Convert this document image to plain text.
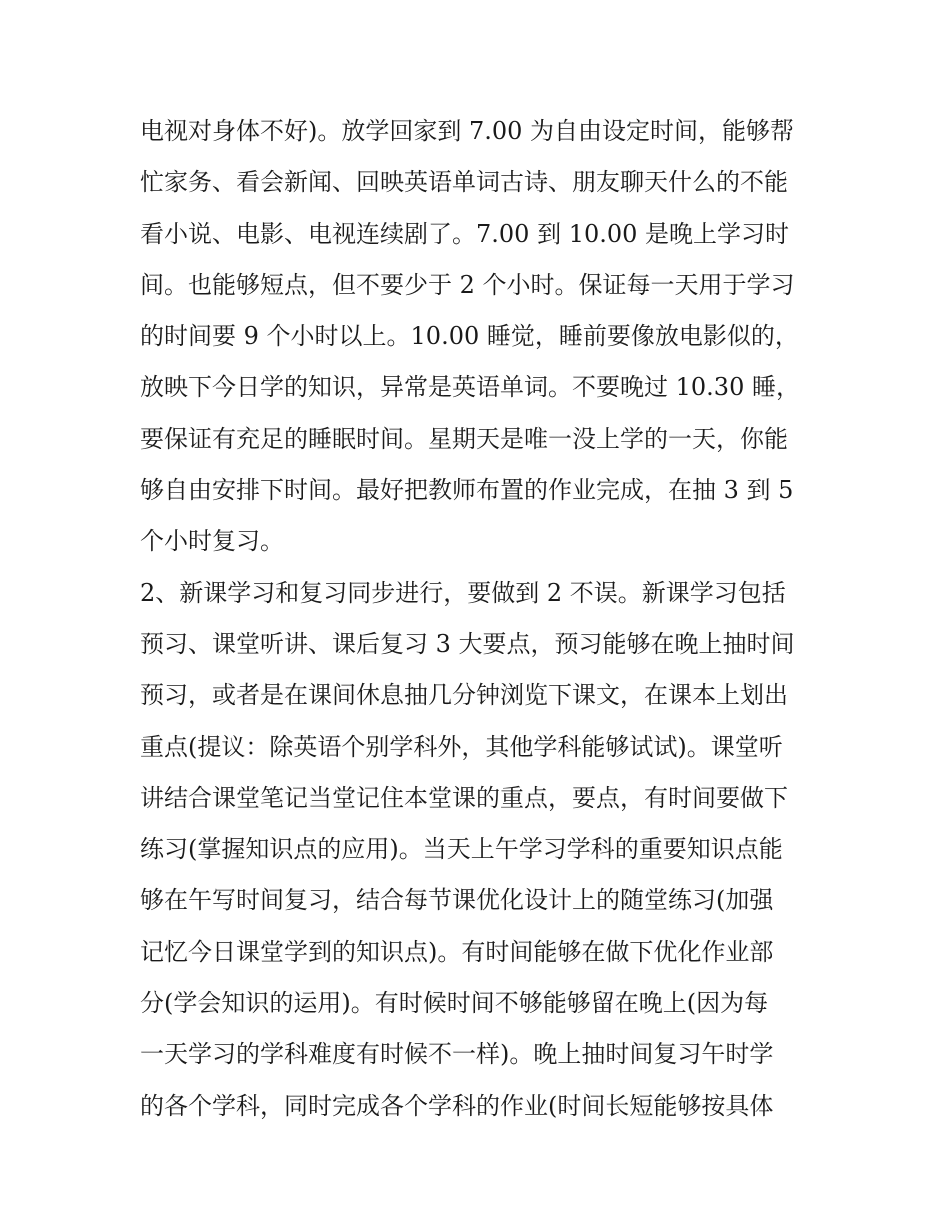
电视对身体不好)。放学回家到 7.00 为自由设定时间，能够帮
忙家务、看会新闻、回映英语单词古诗、朋友聊天什么的不能
看小说、电影、电视连续剧了。7.00 到 10.00 是晚上学习时
间。也能够短点，但不要少于 2 个小时。保证每一天用于学习
的时间要 9 个小时以上。10.00 睡觉，睡前要像放电影似的，
放映下今日学的知识，异常是英语单词。不要晚过 10.30 睡，
要保证有充足的睡眠时间。星期天是唯一没上学的一天，你能
够自由安排下时间。最好把教师布置的作业完成，在抽 3 到 5
个小时复习。
2、新课学习和复习同步进行，要做到 2 不误。新课学习包括
预习、课堂听讲、课后复习 3 大要点，预习能够在晚上抽时间
预习，或者是在课间休息抽几分钟浏览下课文，在课本上划出
重点(提议：除英语个别学科外，其他学科能够试试)。课堂听
讲结合课堂笔记当堂记住本堂课的重点，要点，有时间要做下
练习(掌握知识点的应用)。当天上午学习学科的重要知识点能
够在午写时间复习，结合每节课优化设计上的随堂练习(加强
记忆今日课堂学到的知识点)。有时间能够在做下优化作业部
分(学会知识的运用)。有时候时间不够能够留在晚上(因为每
一天学习的学科难度有时候不一样)。晚上抽时间复习午时学
的各个学科，同时完成各个学科的作业(时间长短能够按具体
